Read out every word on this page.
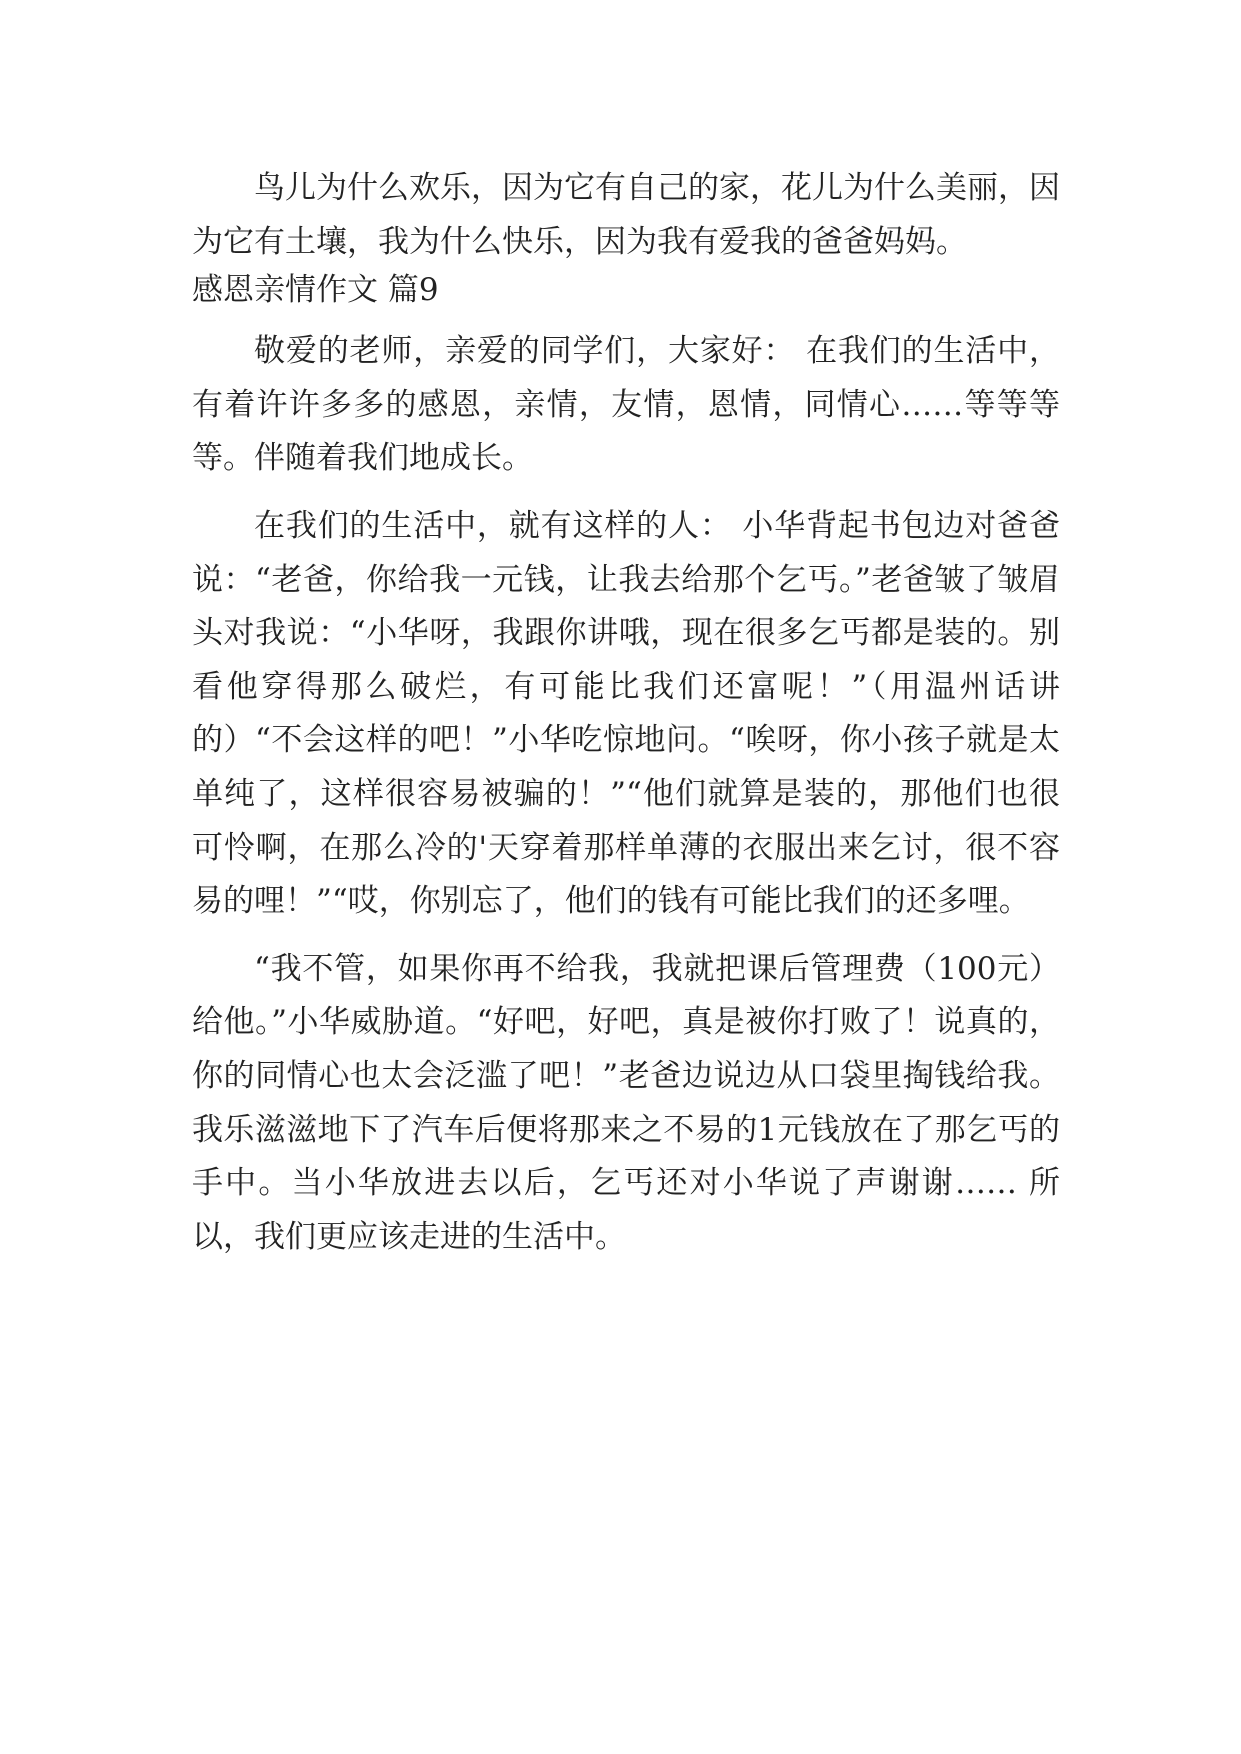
鸟儿为什么欢乐，因为它有自己的家，花儿为什么美丽，因为它有土壤，我为什么快乐，因为我有爱我的爸爸妈妈。

感恩亲情作文 篇9

敬爱的老师，亲爱的同学们，大家好： 在我们的生活中，有着许许多多的感恩，亲情，友情，恩情，同情心……等等等等。伴随着我们地成长。

在我们的生活中，就有这样的人： 小华背起书包边对爸爸说：“老爸，你给我一元钱，让我去给那个乞丐。”老爸皱了皱眉头对我说：“小华呀，我跟你讲哦，现在很多乞丐都是装的。别看他穿得那么破烂，有可能比我们还富呢！”（用温州话讲的）“不会这样的吧！”小华吃惊地问。“唉呀，你小孩子就是太单纯了，这样很容易被骗的！”“他们就算是装的，那他们也很可怜啊，在那么冷的'天穿着那样单薄的衣服出来乞讨，很不容易的哩！”“哎，你别忘了，他们的钱有可能比我们的还多哩。

“我不管，如果你再不给我，我就把课后管理费（100元）给他。”小华威胁道。“好吧，好吧，真是被你打败了！说真的，你的同情心也太会泛滥了吧！”老爸边说边从口袋里掏钱给我。我乐滋滋地下了汽车后便将那来之不易的1元钱放在了那乞丐的手中。当小华放进去以后，乞丐还对小华说了声谢谢…… 所以，我们更应该走进的生活中。
